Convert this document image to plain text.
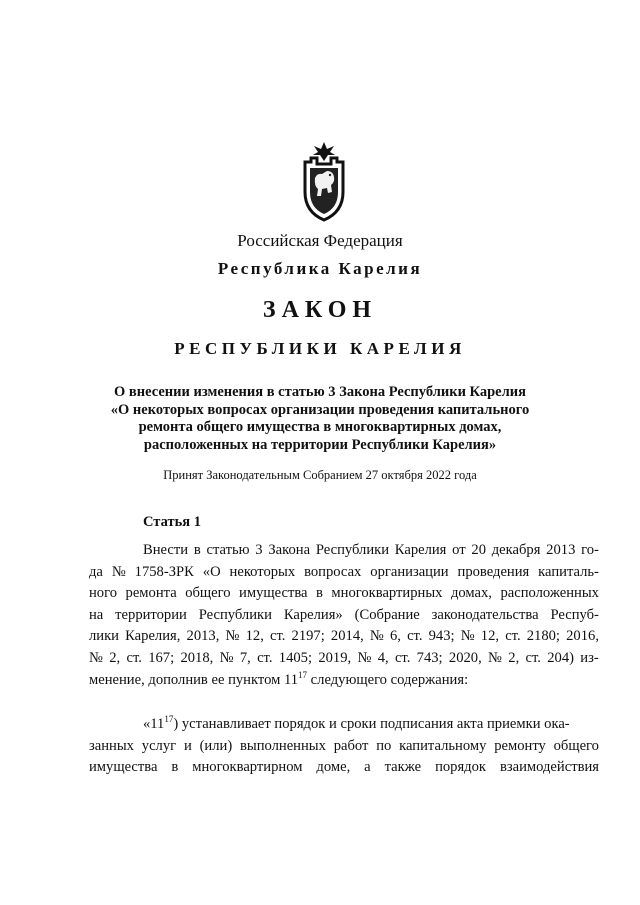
Российская Федерация
Республика Карелия
ЗАКОН
РЕСПУБЛИКИ КАРЕЛИЯ
О внесении изменения в статью 3 Закона Республики Карелия
«О некоторых вопросах организации проведения капитального
ремонта общего имущества в многоквартирных домах,
расположенных на территории Республики Карелия»
Принят Законодательным Собранием 27 октября 2022 года
Статья 1
Внести в статью 3 Закона Республики Карелия от 20 декабря 2013 го-
да № 1758-ЗРК «О некоторых вопросах организации проведения капиталь-
ного ремонта общего имущества в многоквартирных домах, расположенных
на территории Республики Карелия» (Собрание законодательства Респуб-
лики Карелия, 2013, № 12, ст. 2197; 2014, № 6, ст. 943; № 12, ст. 2180; 2016,
№ 2, ст. 167; 2018, № 7, ст. 1405; 2019, № 4, ст. 743; 2020, № 2, ст. 204) из-
менение, дополнив ее пунктом $11^{17}$ следующего содержания:
«$11^{17}$) устанавливает порядок и сроки подписания акта приемки ока-
занных услуг и (или) выполненных работ по капитальному ремонту общего
имущества в многоквартирном доме, а также порядок взаимодействия
